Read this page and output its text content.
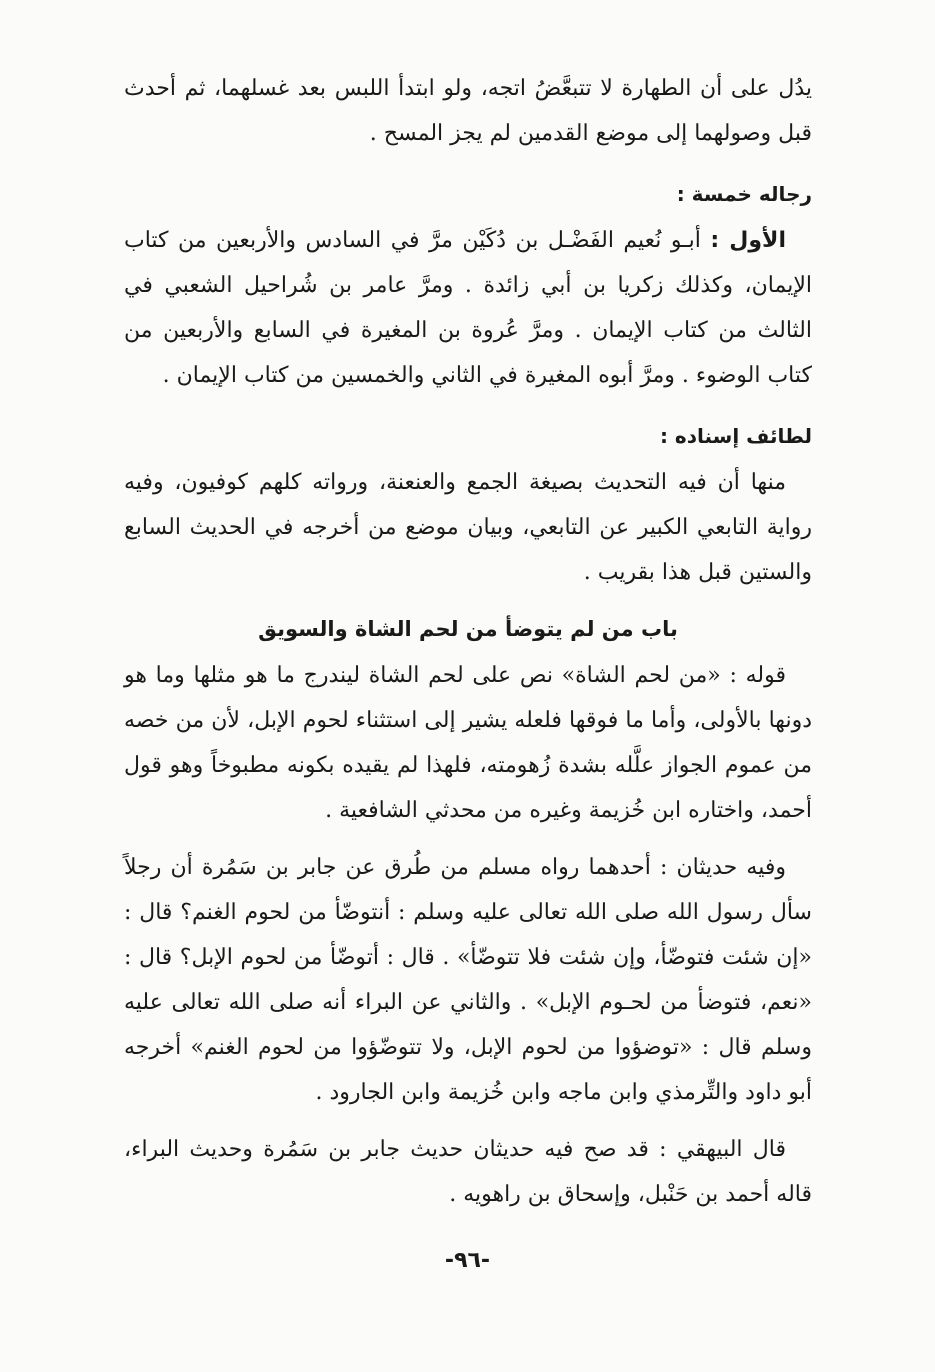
يدُل على أن الطهارة لا تتبعَّضُ اتجه، ولو ابتدأ اللبس بعد غسلهما، ثم أحدث قبل وصولهما إلى موضع القدمين لم يجز المسح .

رجاله خمسة :

الأول : أبـو نُعيم الفَضْـل بن دُكَيْن مرَّ في السادس والأربعين من كتاب الإيمان، وكذلك زكريا بن أبي زائدة . ومرَّ عامر بن شُراحيل الشعبي في الثالث من كتاب الإيمان . ومرَّ عُروة بن المغيرة في السابع والأربعين من كتاب الوضوء . ومرَّ أبوه المغيرة في الثاني والخمسين من كتاب الإيمان .

لطائف إسناده :

منها أن فيه التحديث بصيغة الجمع والعنعنة، ورواته كلهم كوفيون، وفيه رواية التابعي الكبير عن التابعي، وبيان موضع من أخرجه في الحديث السابع والستين قبل هذا بقريب .

باب من لم يتوضأ من لحم الشاة والسويق

قوله : «من لحم الشاة» نص على لحم الشاة ليندرج ما هو مثلها وما هو دونها بالأولى، وأما ما فوقها فلعله يشير إلى استثناء لحوم الإبل، لأن من خصه من عموم الجواز علَّله بشدة زُهومته، فلهذا لم يقيده بكونه مطبوخاً وهو قول أحمد، واختاره ابن خُزيمة وغيره من محدثي الشافعية .

وفيه حديثان : أحدهما رواه مسلم من طُرق عن جابر بن سَمُرة أن رجلاً سأل رسول الله صلى الله تعالى عليه وسلم : أنتوضّأ من لحوم الغنم؟ قال : «إن شئت فتوضّأ، وإن شئت فلا تتوضّأ» . قال : أتوضّأ من لحوم الإبل؟ قال : «نعم، فتوضأ من لحـوم الإبل» . والثاني عن البراء أنه صلى الله تعالى عليه وسلم قال : «توضؤوا من لحوم الإبل، ولا تتوضّؤوا من لحوم الغنم» أخرجه أبو داود والتِّرمذي وابن ماجه وابن خُزيمة وابن الجارود .

قال البيهقي : قد صح فيه حديثان حديث جابر بن سَمُرة وحديث البراء، قاله أحمد بن حَنْبل، وإسحاق بن راهويه .

-٩٦-
